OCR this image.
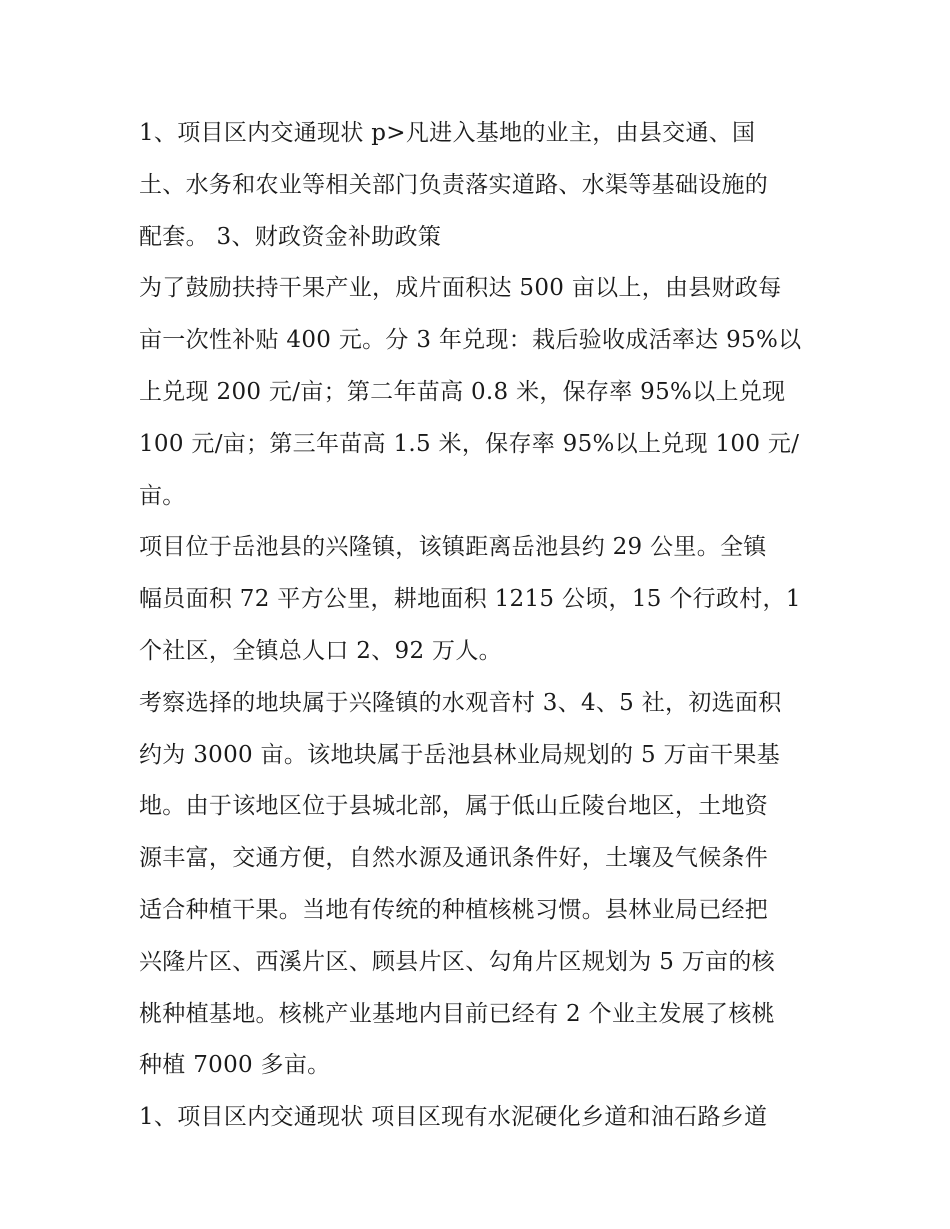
1、项目区内交通现状 p>凡进入基地的业主，由县交通、国
土、水务和农业等相关部门负责落实道路、水渠等基础设施的
配套。 3、财政资金补助政策
为了鼓励扶持干果产业，成片面积达 500 亩以上，由县财政每
亩一次性补贴 400 元。分 3 年兑现：栽后验收成活率达 95%以
上兑现 200 元/亩；第二年苗高 0.8 米，保存率 95%以上兑现
100 元/亩；第三年苗高 1.5 米，保存率 95%以上兑现 100 元/
亩。
项目位于岳池县的兴隆镇，该镇距离岳池县约 29 公里。全镇
幅员面积 72 平方公里，耕地面积 1215 公顷，15 个行政村，1
个社区，全镇总人口 2、92 万人。
考察选择的地块属于兴隆镇的水观音村 3、4、5 社，初选面积
约为 3000 亩。该地块属于岳池县林业局规划的 5 万亩干果基
地。由于该地区位于县城北部，属于低山丘陵台地区，土地资
源丰富，交通方便，自然水源及通讯条件好，土壤及气候条件
适合种植干果。当地有传统的种植核桃习惯。县林业局已经把
兴隆片区、西溪片区、顾县片区、勾角片区规划为 5 万亩的核
桃种植基地。核桃产业基地内目前已经有 2 个业主发展了核桃
种植 7000 多亩。
1、项目区内交通现状 项目区现有水泥硬化乡道和油石路乡道
